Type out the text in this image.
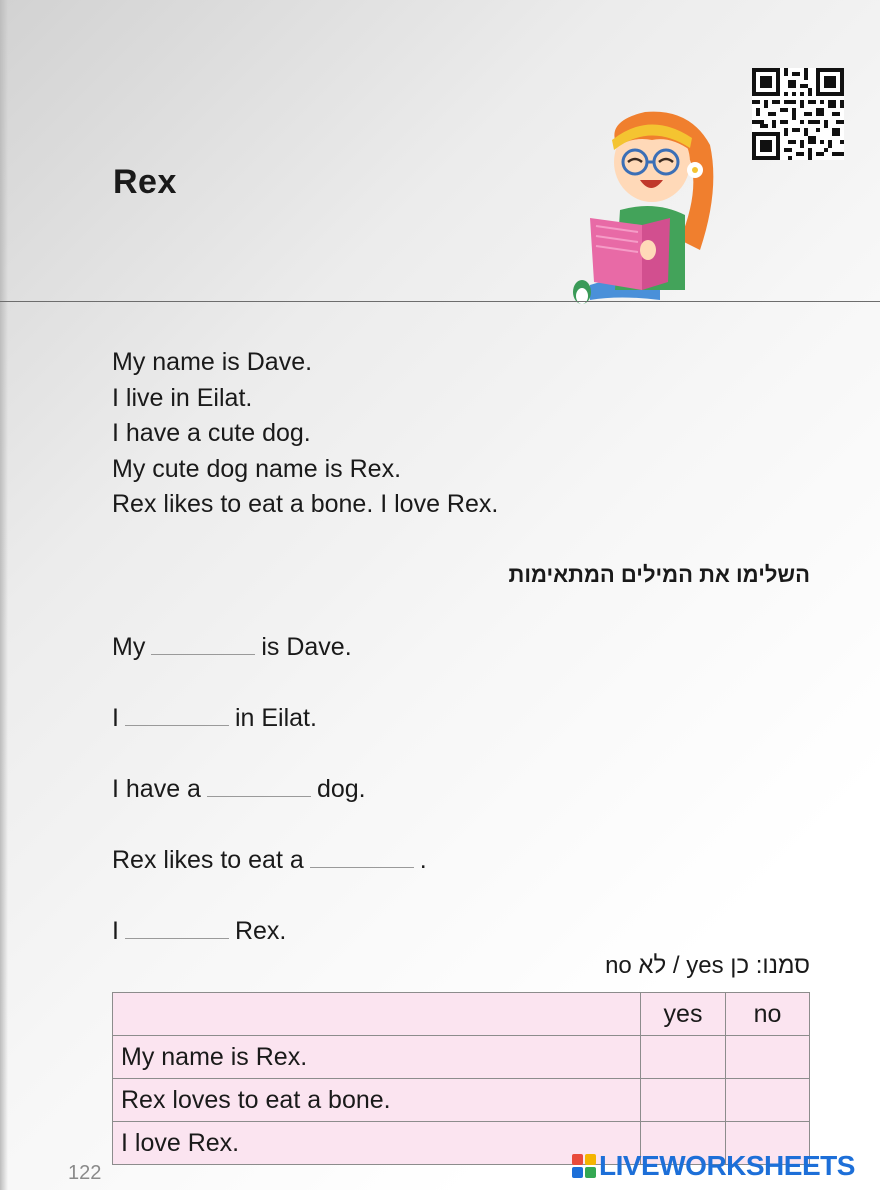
Rex
My name is Dave.
I live in Eilat.
I have a cute dog.
My cute dog name is Rex.
Rex likes to eat a bone. I love Rex.
השלימו את המילים המתאימות
My	is Dave.
I	in Eilat.
I have a	dog.
Rex likes to eat a	.
I	Rex.
סמנו: כן yes / לא no
	yes	no
My name is Rex.		
Rex loves to eat a bone.		
I love Rex.		
122	LIVEWORKSHEETS
